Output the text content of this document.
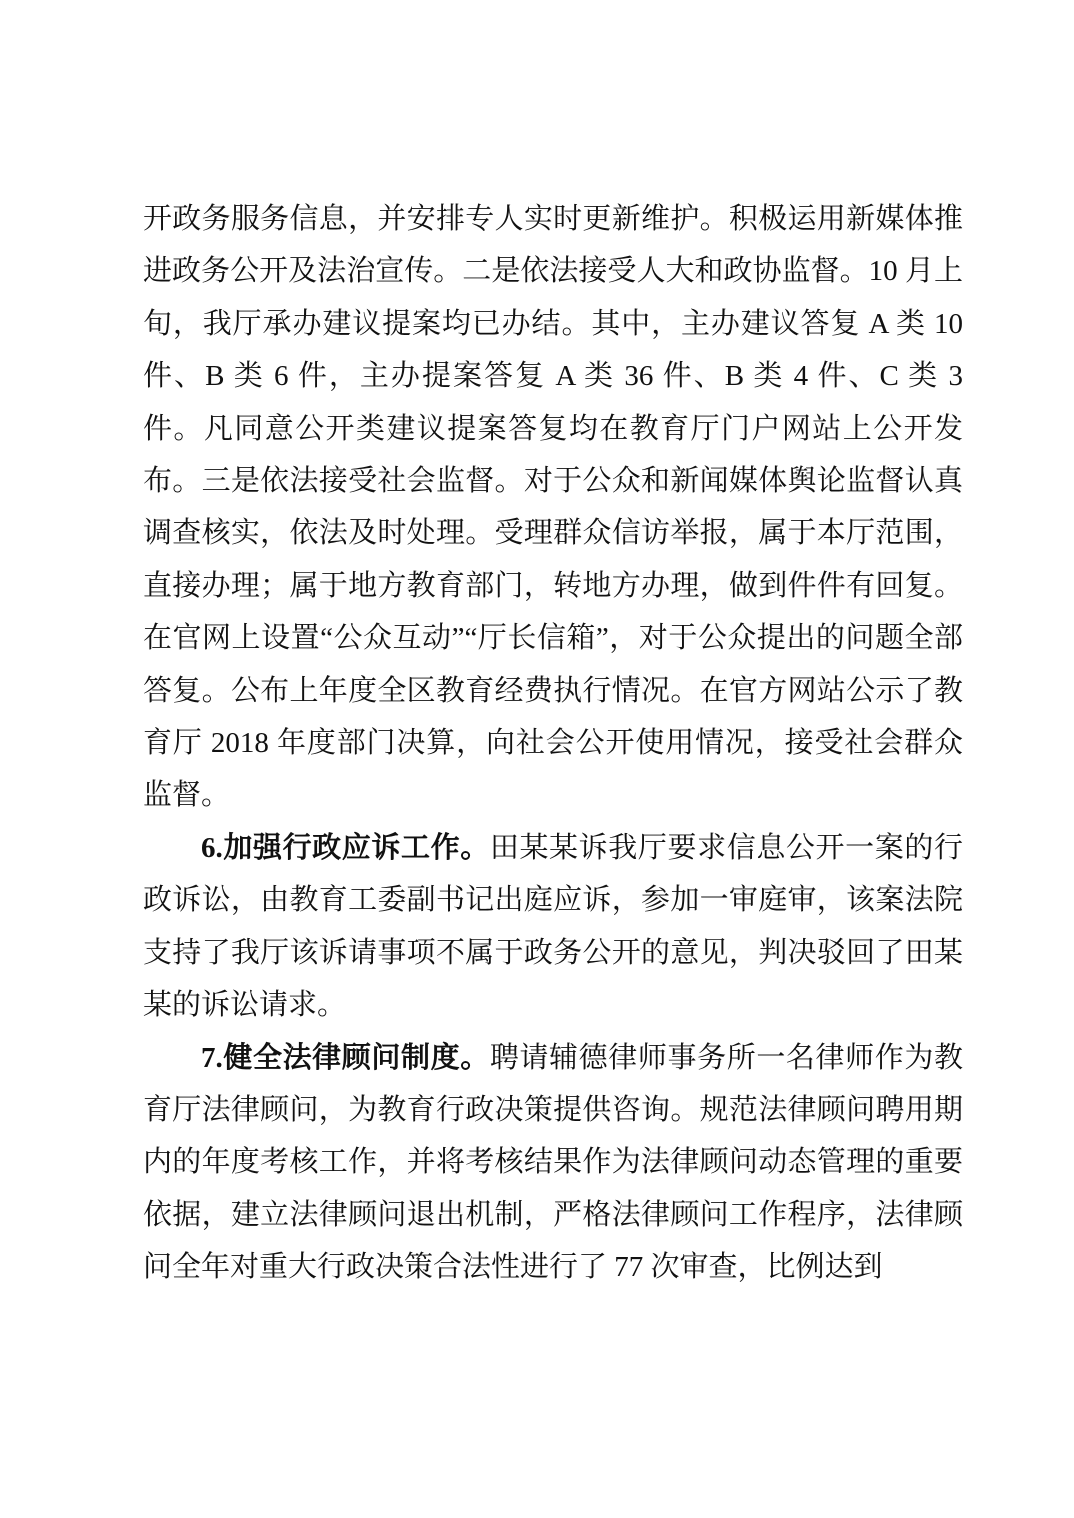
开政务服务信息，并安排专人实时更新维护。积极运用新媒体推进政务公开及法治宣传。二是依法接受人大和政协监督。10 月上旬，我厅承办建议提案均已办结。其中，主办建议答复 A 类 10 件、B 类 6 件，主办提案答复 A 类 36 件、B 类 4 件、C 类 3 件。凡同意公开类建议提案答复均在教育厅门户网站上公开发布。三是依法接受社会监督。对于公众和新闻媒体舆论监督认真调查核实，依法及时处理。受理群众信访举报，属于本厅范围，直接办理；属于地方教育部门，转地方办理，做到件件有回复。在官网上设置“公众互动”“厅长信箱”，对于公众提出的问题全部答复。公布上年度全区教育经费执行情况。在官方网站公示了教育厅 2018 年度部门决算，向社会公开使用情况，接受社会群众监督。

6.加强行政应诉工作。田某某诉我厅要求信息公开一案的行政诉讼，由教育工委副书记出庭应诉，参加一审庭审，该案法院支持了我厅该诉请事项不属于政务公开的意见，判决驳回了田某某的诉讼请求。

7.健全法律顾问制度。聘请辅德律师事务所一名律师作为教育厅法律顾问，为教育行政决策提供咨询。规范法律顾问聘用期内的年度考核工作，并将考核结果作为法律顾问动态管理的重要依据，建立法律顾问退出机制，严格法律顾问工作程序，法律顾问全年对重大行政决策合法性进行了 77 次审查，比例达到
